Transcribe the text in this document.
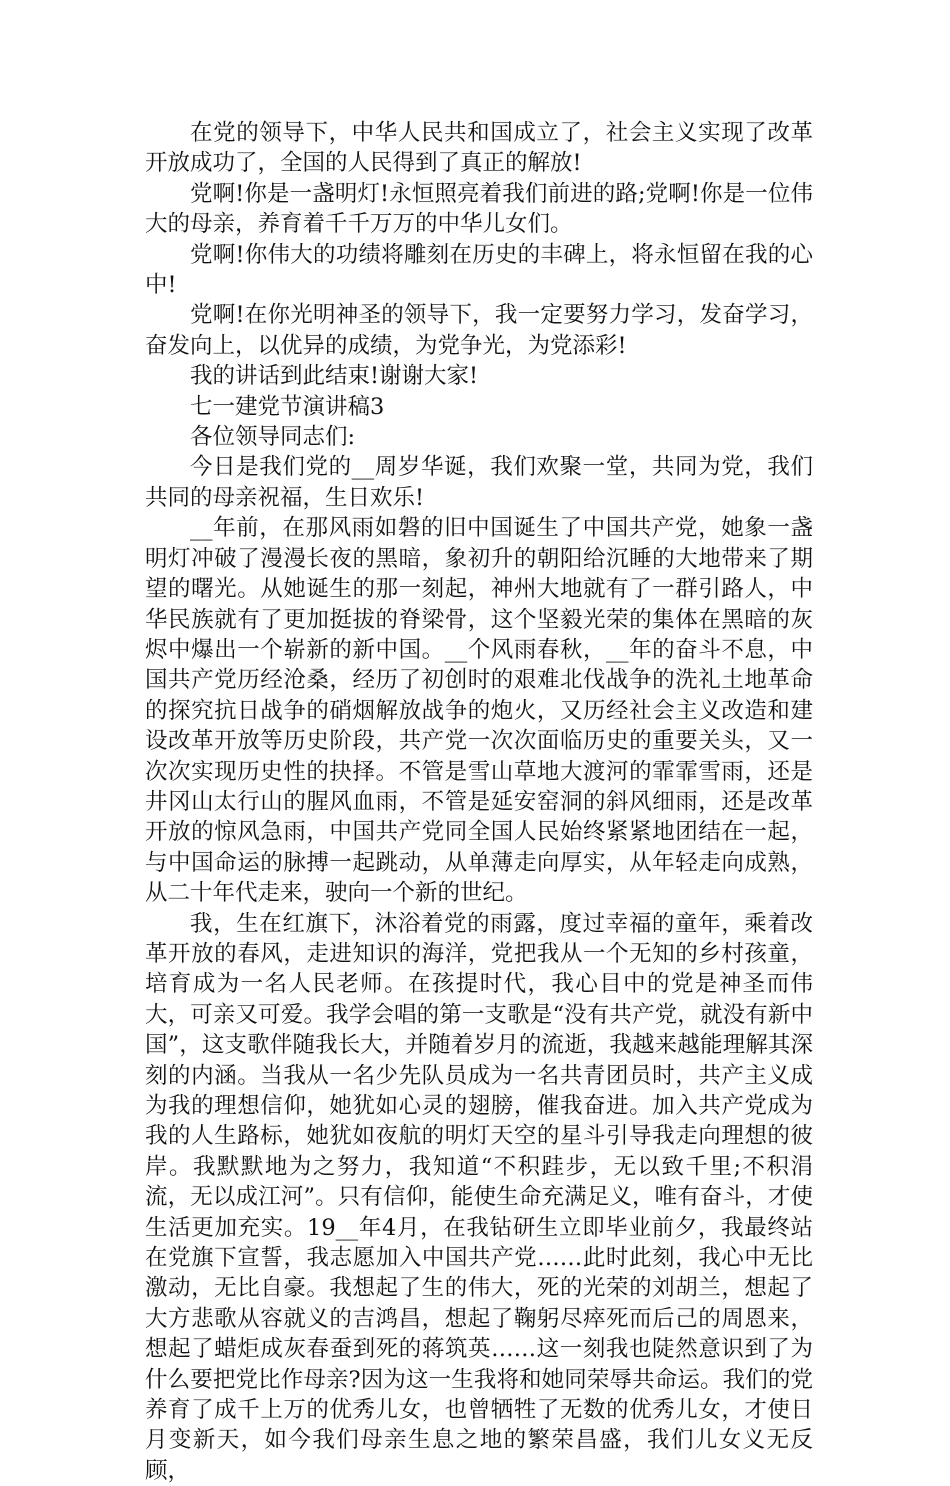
在党的领导下，中华人民共和国成立了，社会主义实现了改革开放成功了，全国的人民得到了真正的解放!

党啊!你是一盏明灯!永恒照亮着我们前进的路;党啊!你是一位伟大的母亲，养育着千千万万的中华儿女们。

党啊!你伟大的功绩将雕刻在历史的丰碑上，将永恒留在我的心中!

党啊!在你光明神圣的领导下，我一定要努力学习，发奋学习，奋发向上，以优异的成绩，为党争光，为党添彩!

我的讲话到此结束!谢谢大家!

七一建党节演讲稿3

各位领导同志们:

今日是我们党的__周岁华诞，我们欢聚一堂，共同为党，我们共同的母亲祝福，生日欢乐!

__年前，在那风雨如磐的旧中国诞生了中国共产党，她象一盏明灯冲破了漫漫长夜的黑暗，象初升的朝阳给沉睡的大地带来了期望的曙光。从她诞生的那一刻起，神州大地就有了一群引路人，中华民族就有了更加挺拔的脊梁骨，这个坚毅光荣的集体在黑暗的灰烬中爆出一个崭新的新中国。__个风雨春秋，__年的奋斗不息，中国共产党历经沧桑，经历了初创时的艰难北伐战争的洗礼土地革命的探究抗日战争的硝烟解放战争的炮火，又历经社会主义改造和建设改革开放等历史阶段，共产党一次次面临历史的重要关头，又一次次实现历史性的抉择。不管是雪山草地大渡河的霏霏雪雨，还是井冈山太行山的腥风血雨，不管是延安窑洞的斜风细雨，还是改革开放的惊风急雨，中国共产党同全国人民始终紧紧地团结在一起，与中国命运的脉搏一起跳动，从单薄走向厚实，从年轻走向成熟，从二十年代走来，驶向一个新的世纪。

我，生在红旗下，沐浴着党的雨露，度过幸福的童年，乘着改革开放的春风，走进知识的海洋，党把我从一个无知的乡村孩童，培育成为一名人民老师。在孩提时代，我心目中的党是神圣而伟大，可亲又可爱。我学会唱的第一支歌是“没有共产党，就没有新中国”，这支歌伴随我长大，并随着岁月的流逝，我越来越能理解其深刻的内涵。当我从一名少先队员成为一名共青团员时，共产主义成为我的理想信仰，她犹如心灵的翅膀，催我奋进。加入共产党成为我的人生路标，她犹如夜航的明灯天空的星斗引导我走向理想的彼岸。我默默地为之努力，我知道“不积跬步，无以致千里;不积涓流，无以成江河”。只有信仰，能使生命充满足义，唯有奋斗，才使生活更加充实。19__年4月，在我钻研生立即毕业前夕，我最终站在党旗下宣誓，我志愿加入中国共产党……此时此刻，我心中无比激动，无比自豪。我想起了生的伟大，死的光荣的刘胡兰，想起了大方悲歌从容就义的吉鸿昌，想起了鞠躬尽瘁死而后己的周恩来，想起了蜡炬成灰春蚕到死的蒋筑英……这一刻我也陡然意识到了为什么要把党比作母亲?因为这一生我将和她同荣辱共命运。我们的党养育了成千上万的优秀儿女，也曾牺牲了无数的优秀儿女，才使日月变新天，如今我们母亲生息之地的繁荣昌盛，我们儿女义无反顾，
